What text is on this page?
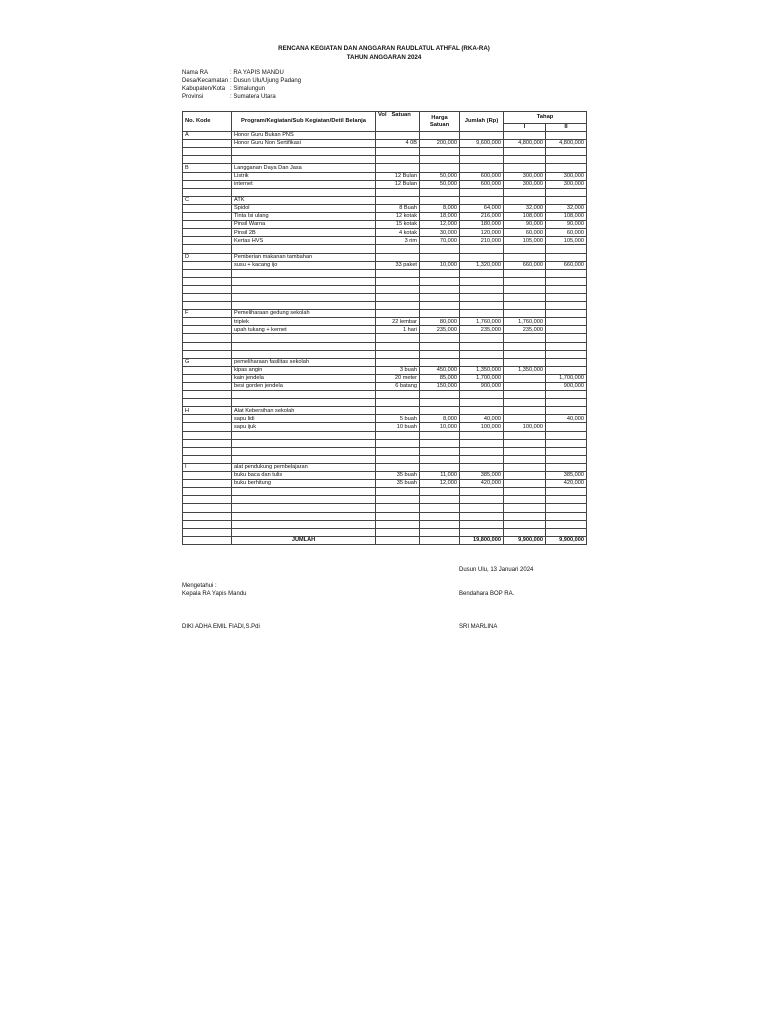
RENCANA KEGIATAN DAN ANGGARAN RAUDLATUL ATHFAL (RKA-RA)
TAHUN ANGGARAN 2024
Nama RA	: RA YAPIS MANDU
Desa/Kecamatan : Dusun Ulu/Ujung Padang
Kabupaten/Kota : Simalungun
Provinsi	: Sumatera Utara
No. Kode	Program/Kegiatan/Sub Kegiatan/Detil Belanja	Vol Satuan	Harga Satuan	Jumlah (Rp)	Tahap	
					I	II
A	Honor Guru Bukan PNS					
	Honor Guru Non Sertifikasi	4 0B	200,000	9,600,000	4,800,000	4,800,000

B	Langganan Daya Dan Jasa					
	Listrik	12 Bulan	50,000	600,000	300,000	300,000
	internet	12 Bulan	50,000	600,000	300,000	300,000

C	ATK					
	Spidol	8 Buah	8,000	64,000	32,000	32,000
	Tinta Isi ulang	12 kotak	18,000	216,000	108,000	108,000
	Pinsil Warna	15 kotak	12,000	180,000	90,000	90,000
	Pinsil 2B	4 kotak	30,000	120,000	60,000	60,000
	Kertas HVS	3 rim	70,000	210,000	105,000	105,000

D	Pemberian makanan tambahan					
	susu + kacang ijo	33 paket	10,000	1,320,000	660,000	660,000

F	Pemeliharaan gedung sekolah					
	triplek	22 lembar	80,000	1,760,000	1,760,000	
	upah tukang + kernet	1 hari	235,000	235,000	235,000	

G	pemeliharaan fasilitas sekolah					
	kipas angin	3 buah	450,000	1,350,000	1,350,000	
	kain jendela	20 meter	85,000	1,700,000		1,700,000
	besi gorden jendela	6 batang	150,000	900,000		900,000

H	Alat Kebersihan sekolah					
	sapu lidi	5 buah	8,000	40,000		40,000
	sapu ijuk	10 buah	10,000	100,000	100,000	

I	alat pendukung pembelajaran					
	buku baca dan tulis	35 buah	11,000	385,000		385,000
	buku berhitung	35 buah	12,000	420,000		420,000

	JUMLAH			19,800,000	9,900,000	9,900,000
Dusun Ulu, 13 Januari 2024
Mengetahui :
Kepala RA Yapis Mandu	Bendahara BOP RA.
DIKI ADHA EMIL FIADI,S.Pdi	SRI MARLINA
